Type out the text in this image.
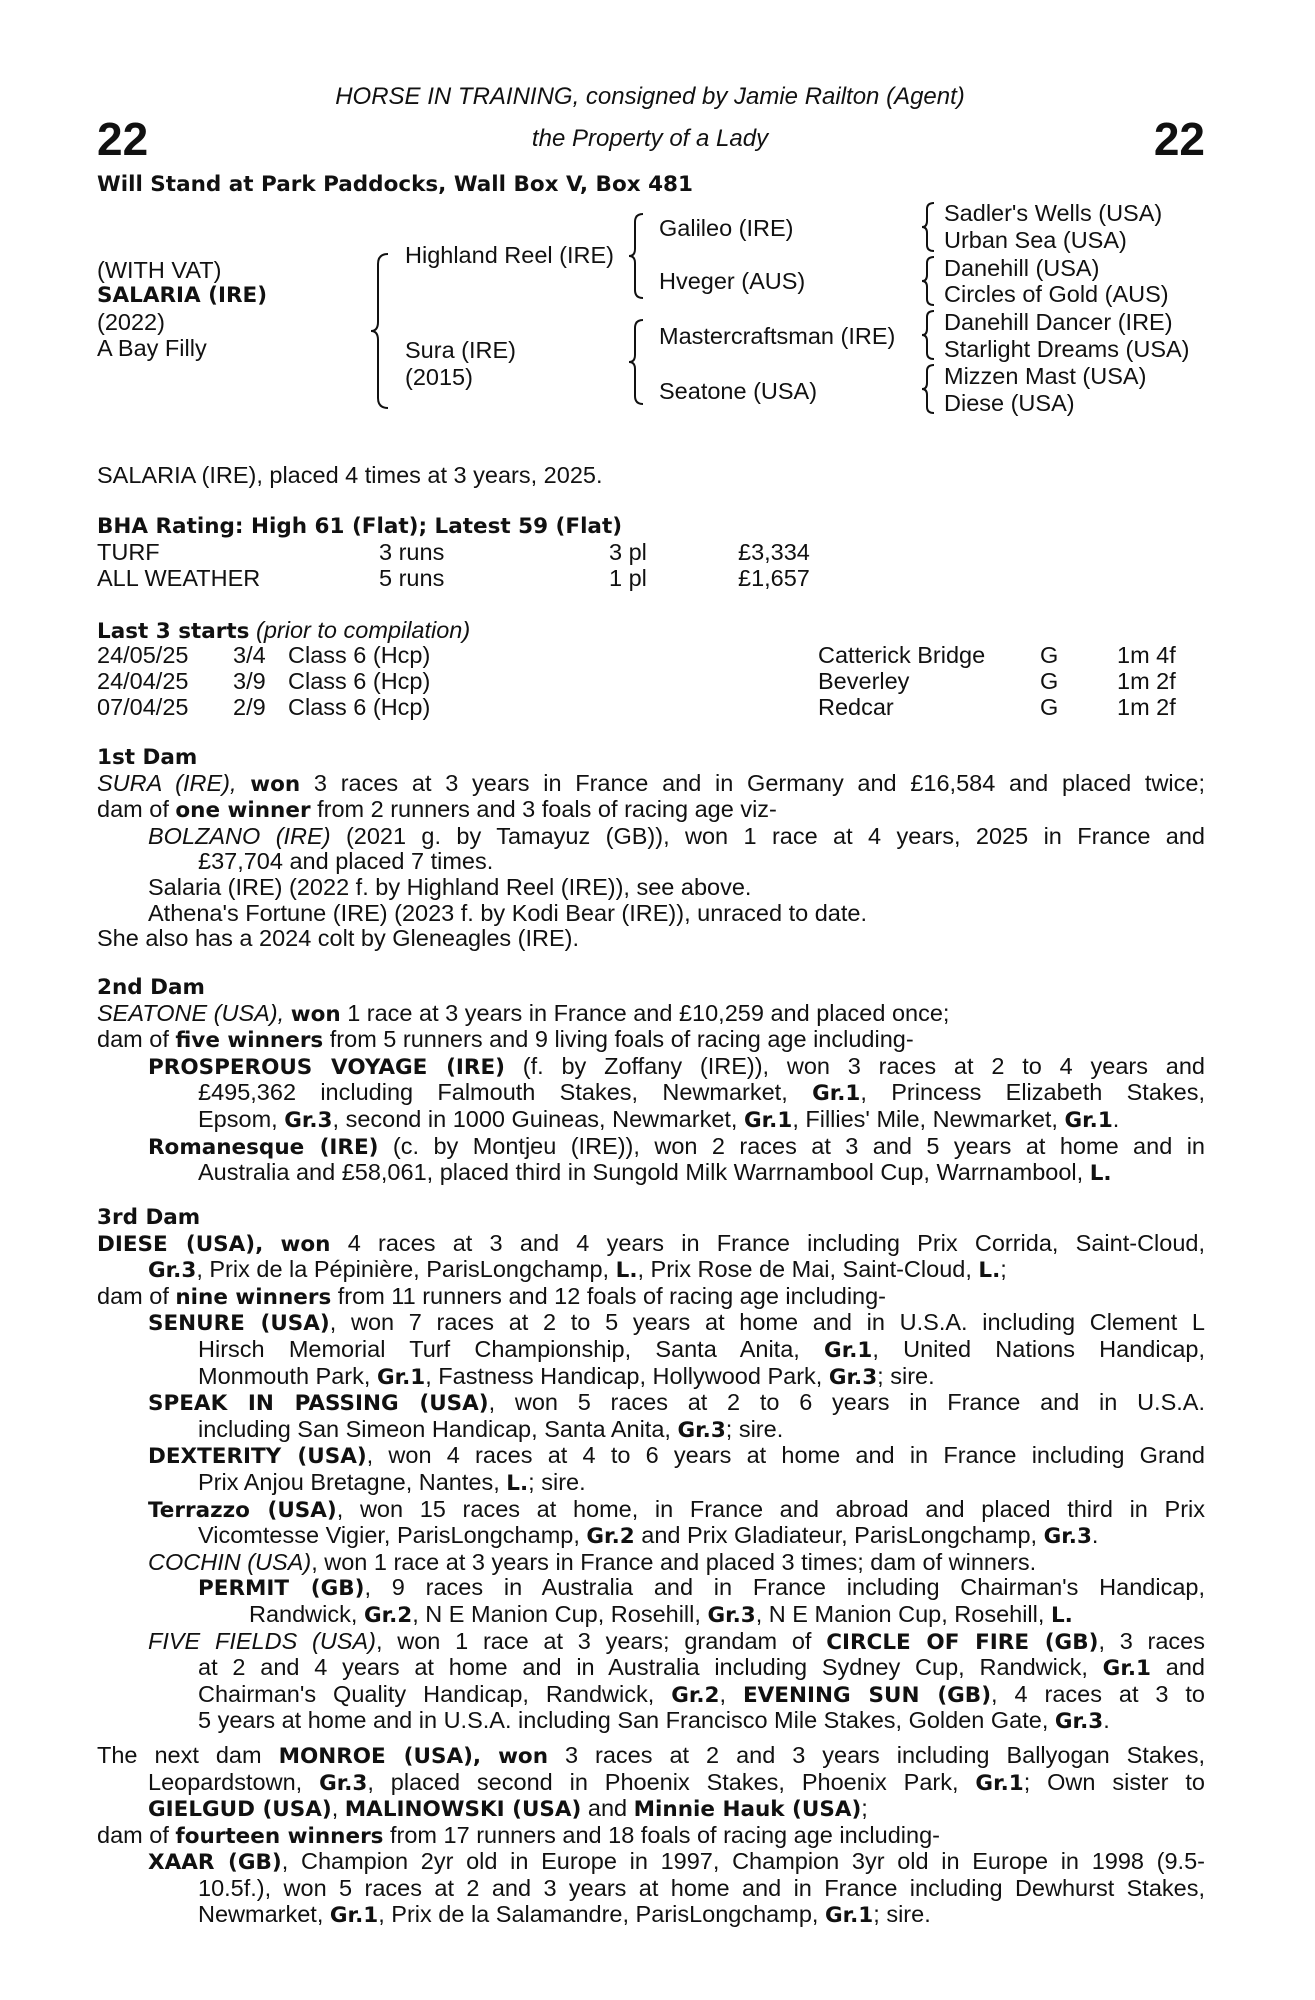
22	22
HORSE IN TRAINING, consigned by Jamie Railton (Agent)
the Property of a Lady
Will Stand at Park Paddocks, Wall Box V, Box 481
(WITH VAT)
SALARIA (IRE)
(2022)
A Bay Filly
Highland Reel (IRE)
Sura (IRE)
(2015)
Galileo (IRE)
Hveger (AUS)
Mastercraftsman (IRE)
Seatone (USA)
Sadler's Wells (USA)
Urban Sea (USA)
Danehill (USA)
Circles of Gold (AUS)
Danehill Dancer (IRE)
Starlight Dreams (USA)
Mizzen Mast (USA)
Diese (USA)
SALARIA (IRE), placed 4 times at 3 years, 2025.
BHA Rating: High 61 (Flat); Latest 59 (Flat)
TURF	3 runs	3 pl	£3,334
ALL WEATHER	5 runs	1 pl	£1,657
Last 3 starts (prior to compilation)
24/05/25 3/4 Class 6 (Hcp)	Catterick Bridge G 1m 4f
24/04/25 3/9 Class 6 (Hcp)	Beverley	G 1m 2f
07/04/25 2/9 Class 6 (Hcp)	Redcar	G 1m 2f
1st Dam
SURA (IRE), won 3 races at 3 years in France and in Germany and £16,584 and placed twice;
dam of one winner from 2 runners and 3 foals of racing age viz-
BOLZANO (IRE) (2021 g. by Tamayuz (GB)), won 1 race at 4 years, 2025 in France and
£37,704 and placed 7 times.
Salaria (IRE) (2022 f. by Highland Reel (IRE)), see above.
Athena's Fortune (IRE) (2023 f. by Kodi Bear (IRE)), unraced to date.
She also has a 2024 colt by Gleneagles (IRE).
2nd Dam
SEATONE (USA), won 1 race at 3 years in France and £10,259 and placed once;
dam of five winners from 5 runners and 9 living foals of racing age including-
PROSPEROUS VOYAGE (IRE) (f. by Zoffany (IRE)), won 3 races at 2 to 4 years and
£495,362 including Falmouth Stakes, Newmarket, Gr.1, Princess Elizabeth Stakes,
Epsom, Gr.3, second in 1000 Guineas, Newmarket, Gr.1, Fillies' Mile, Newmarket, Gr.1.
Romanesque (IRE) (c. by Montjeu (IRE)), won 2 races at 3 and 5 years at home and in
Australia and £58,061, placed third in Sungold Milk Warrnambool Cup, Warrnambool, L.
3rd Dam
DIESE (USA), won 4 races at 3 and 4 years in France including Prix Corrida, Saint-Cloud,
Gr.3, Prix de la Pépinière, ParisLongchamp, L., Prix Rose de Mai, Saint-Cloud, L.;
dam of nine winners from 11 runners and 12 foals of racing age including-
SENURE (USA), won 7 races at 2 to 5 years at home and in U.S.A. including Clement L
Hirsch Memorial Turf Championship, Santa Anita, Gr.1, United Nations Handicap,
Monmouth Park, Gr.1, Fastness Handicap, Hollywood Park, Gr.3; sire.
SPEAK IN PASSING (USA), won 5 races at 2 to 6 years in France and in U.S.A.
including San Simeon Handicap, Santa Anita, Gr.3; sire.
DEXTERITY (USA), won 4 races at 4 to 6 years at home and in France including Grand
Prix Anjou Bretagne, Nantes, L.; sire.
Terrazzo (USA), won 15 races at home, in France and abroad and placed third in Prix
Vicomtesse Vigier, ParisLongchamp, Gr.2 and Prix Gladiateur, ParisLongchamp, Gr.3.
COCHIN (USA), won 1 race at 3 years in France and placed 3 times; dam of winners.
PERMIT (GB), 9 races in Australia and in France including Chairman's Handicap,
Randwick, Gr.2, N E Manion Cup, Rosehill, Gr.3, N E Manion Cup, Rosehill, L.
FIVE FIELDS (USA), won 1 race at 3 years; grandam of CIRCLE OF FIRE (GB), 3 races
at 2 and 4 years at home and in Australia including Sydney Cup, Randwick, Gr.1 and
Chairman's Quality Handicap, Randwick, Gr.2, EVENING SUN (GB), 4 races at 3 to
5 years at home and in U.S.A. including San Francisco Mile Stakes, Golden Gate, Gr.3.
The next dam MONROE (USA), won 3 races at 2 and 3 years including Ballyogan Stakes,
Leopardstown, Gr.3, placed second in Phoenix Stakes, Phoenix Park, Gr.1; Own sister to
GIELGUD (USA), MALINOWSKI (USA) and Minnie Hauk (USA);
dam of fourteen winners from 17 runners and 18 foals of racing age including-
XAAR (GB), Champion 2yr old in Europe in 1997, Champion 3yr old in Europe in 1998 (9.5-
10.5f.), won 5 races at 2 and 3 years at home and in France including Dewhurst Stakes,
Newmarket, Gr.1, Prix de la Salamandre, ParisLongchamp, Gr.1; sire.
